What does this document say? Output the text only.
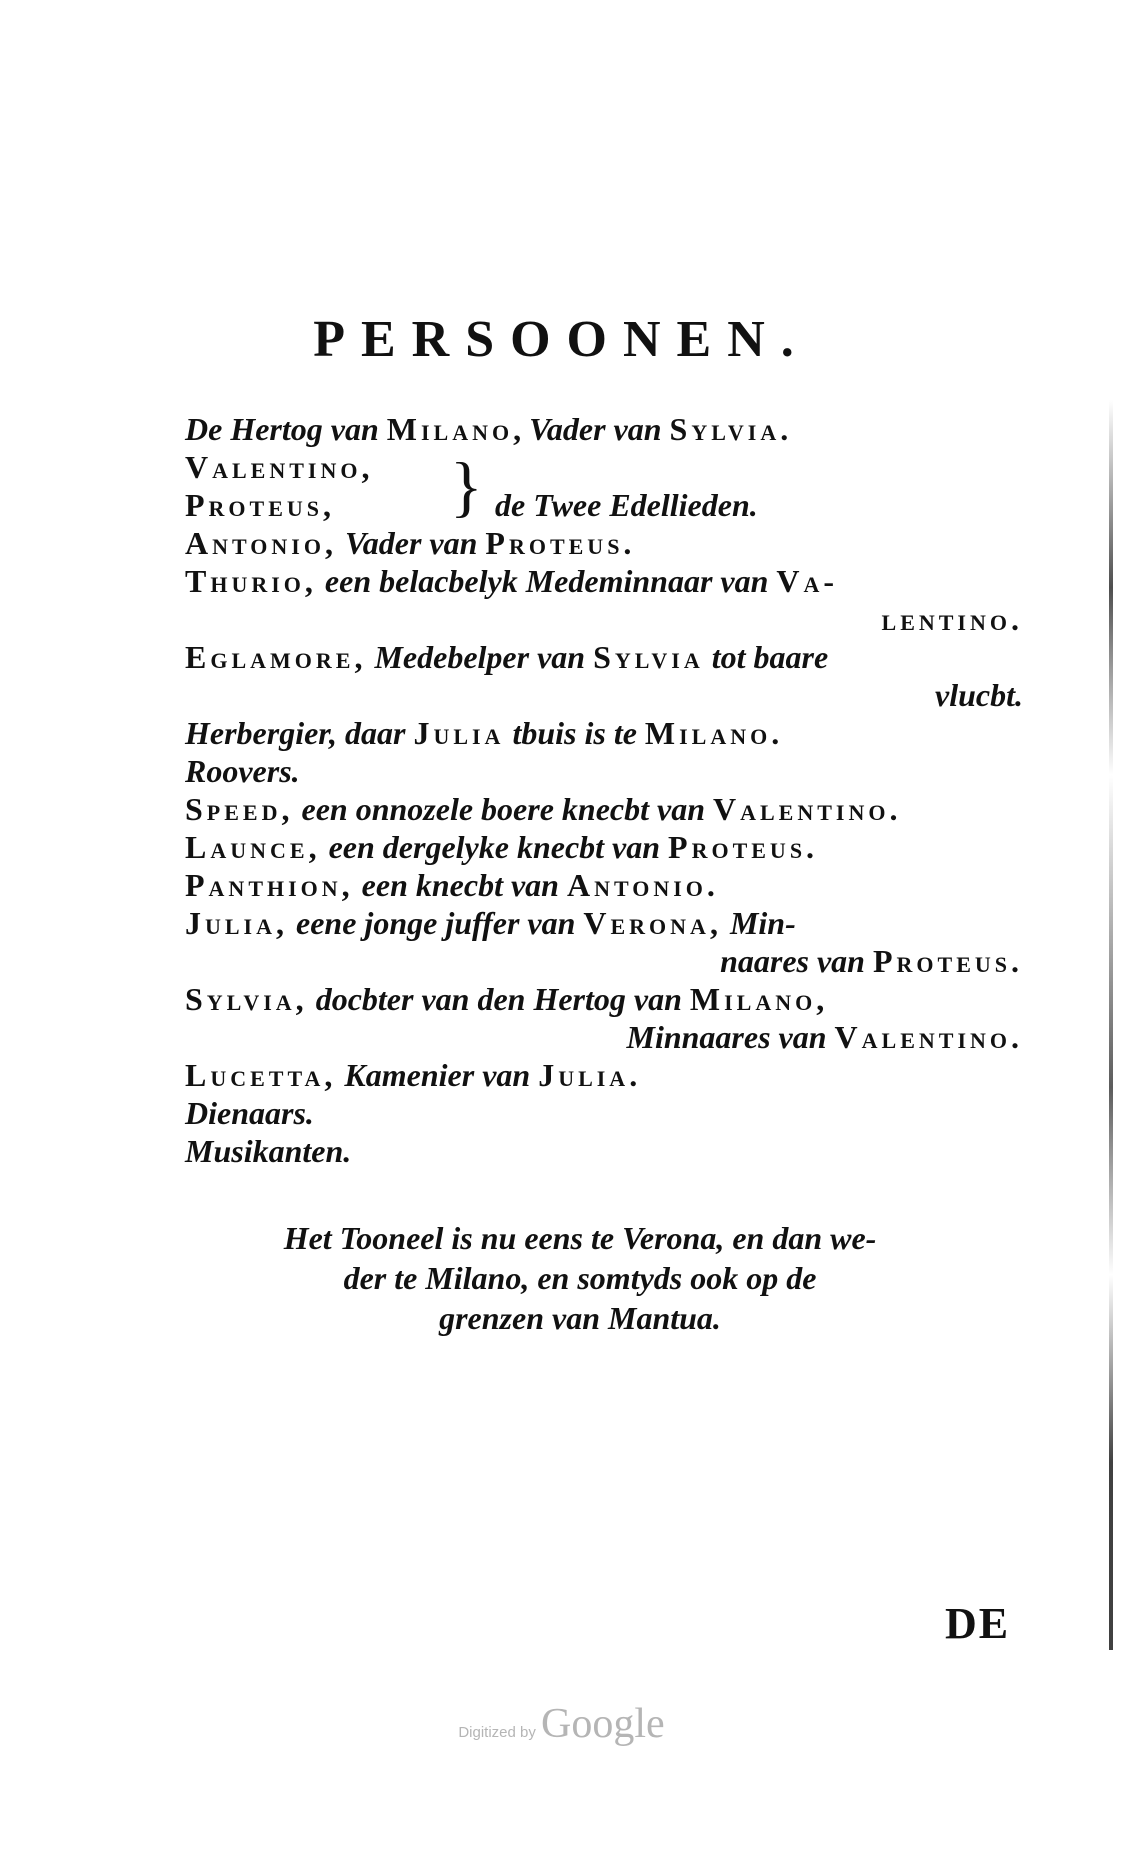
PERSOONEN.
De Hertog van Milano, Vader van Sylvia.
Valentino,
Proteus, } de Twee Edellieden.
Antonio, Vader van Proteus.
Thurio, een belacbelyk Medeminnaar van Va-
lentino.
Eglamore, Medebelper van Sylvia tot baare
vlucbt.
Herbergier, daar Julia tbuis is te Milano.
Roovers.
Speed, een onnozele boere knecbt van Valentino.
Launce, een dergelyke knecbt van Proteus.
Panthion, een knecbt van Antonio.
Julia, eene jonge juffer van Verona, Min-
naares van Proteus.
Sylvia, docbter van den Hertog van Milano,
Minnaares van Valentino.
Lucetta, Kamenier van Julia.
Dienaars.
Musikanten.
Het Tooneel is nu eens te Verona, en dan we-
der te Milano, en somtyds ook op de
grenzen van Mantua.
DE
Digitized by Google
